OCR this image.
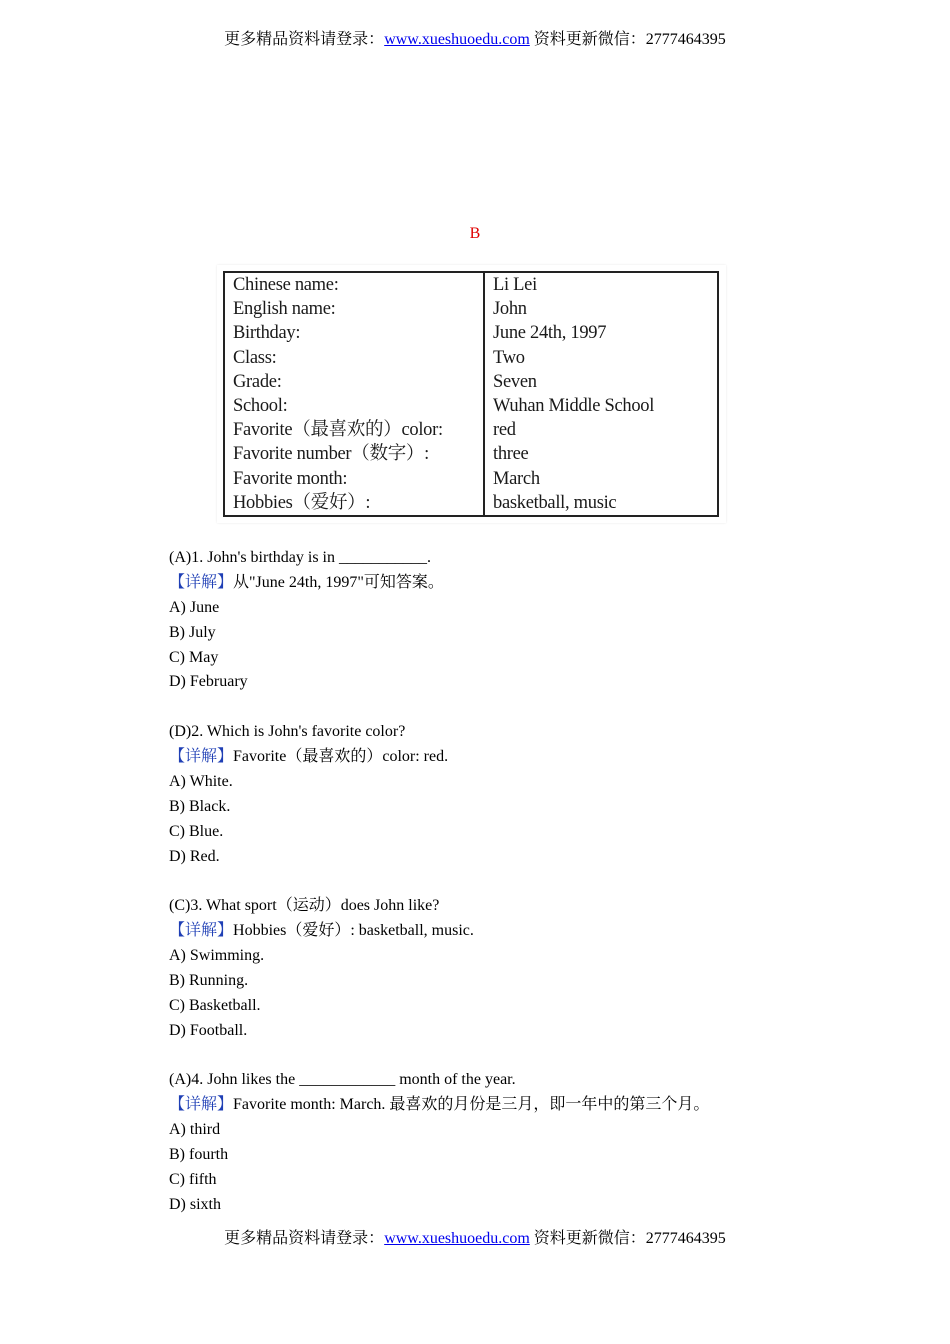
更多精品资料请登录：www.xueshuoedu.com 资料更新微信：2777464395
B
Chinese name:	Li Lei
English name:	John
Birthday:	June 24th, 1997
Class:	Two
Grade:	Seven
School:	Wuhan Middle School
Favorite（最喜欢的）color:	red
Favorite number（数字）:	three
Favorite month:	March
Hobbies（爱好）:	basketball, music
(A)1. John's birthday is in ___________.
【详解】从"June 24th, 1997"可知答案。
A) June
B) July
C) May
D) February
(D)2. Which is John's favorite color?
【详解】Favorite（最喜欢的）color: red.
A) White.
B) Black.
C) Blue.
D) Red.
(C)3. What sport（运动）does John like?
【详解】Hobbies（爱好）: basketball, music.
A) Swimming.
B) Running.
C) Basketball.
D) Football.
(A)4. John likes the ____________ month of the year.
【详解】Favorite month: March. 最喜欢的月份是三月，即一年中的第三个月。
A) third
B) fourth
C) fifth
D) sixth
更多精品资料请登录：www.xueshuoedu.com 资料更新微信：2777464395
